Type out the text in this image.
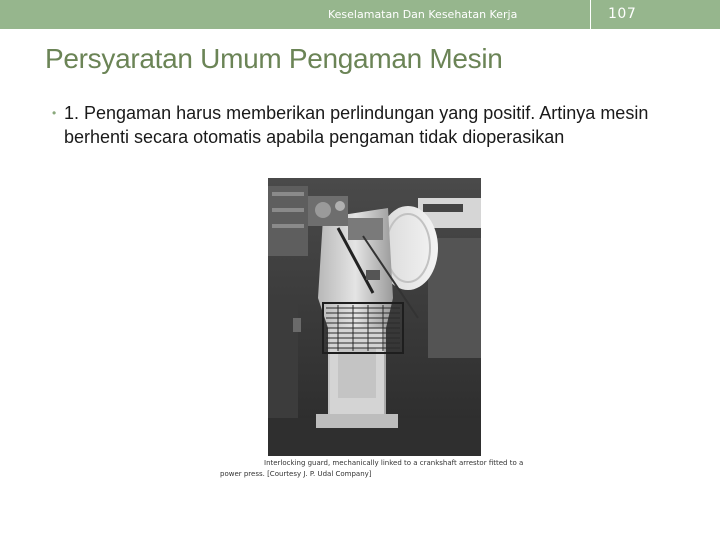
Keselamatan Dan Kesehatan Kerja	107
Persyaratan Umum Pengaman Mesin
• 1. Pengaman harus memberikan perlindungan yang positif. Artinya mesin berhenti secara otomatis apabila pengaman tidak dioperasikan
Interlocking guard, mechanically linked to a crankshaft arrestor fitted to a
power press. [Courtesy J. P. Udal Company]
